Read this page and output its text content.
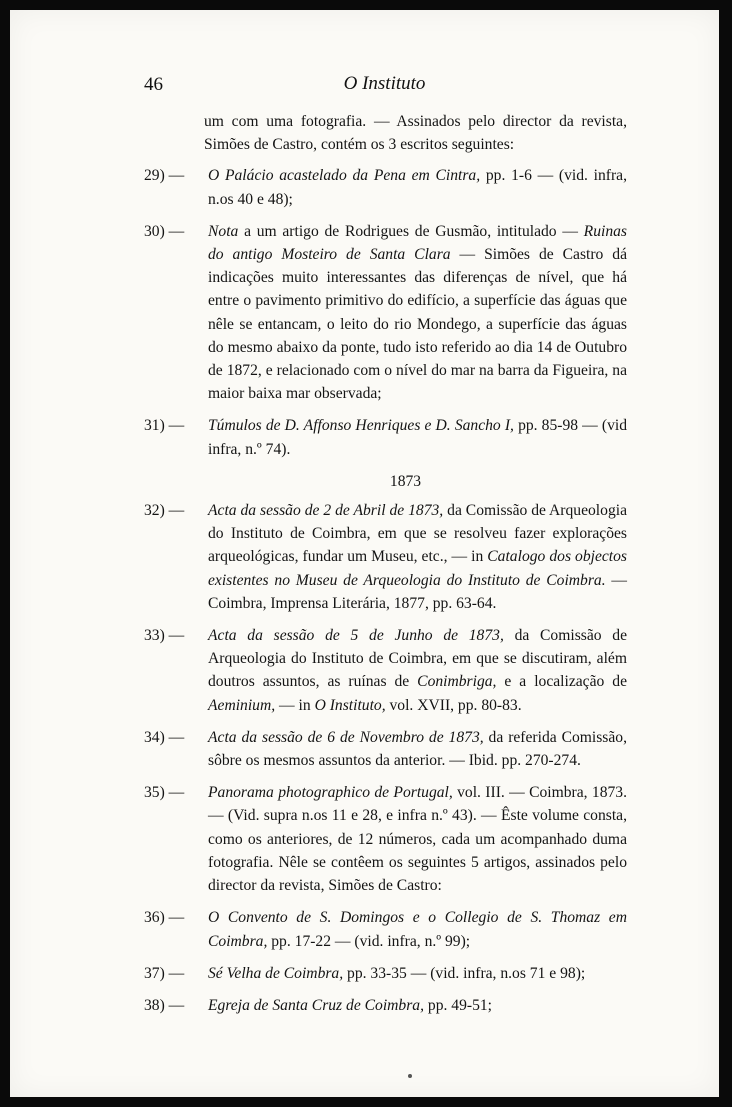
46	O Instituto

um com uma fotografia. — Assinados pelo director da revista, Simões de Castro, contém os 3 escritos seguintes:

29) —	O Palácio acastelado da Pena em Cintra, pp. 1-6 — (vid. infra, n.os 40 e 48);
30) —	Nota a um artigo de Rodrigues de Gusmão, intitulado — Ruinas do antigo Mosteiro de Santa Clara — Simões de Castro dá indicações muito interessantes das diferenças de nível, que há entre o pavimento primitivo do edifício, a superfície das águas que nêle se entancam, o leito do rio Mondego, a superfície das águas do mesmo abaixo da ponte, tudo isto referido ao dia 14 de Outubro de 1872, e relacionado com o nível do mar na barra da Figueira, na maior baixa mar observada;
31) —	Túmulos de D. Affonso Henriques e D. Sancho I, pp. 85-98 — (vid infra, n.º 74).
1873
32) —	Acta da sessão de 2 de Abril de 1873, da Comissão de Arqueologia do Instituto de Coimbra, em que se resolveu fazer explorações arqueológicas, fundar um Museu, etc., — in Catalogo dos objectos existentes no Museu de Arqueologia do Instituto de Coimbra. — Coimbra, Imprensa Literária, 1877, pp. 63-64.
33) —	Acta da sessão de 5 de Junho de 1873, da Comissão de Arqueologia do Instituto de Coimbra, em que se discutiram, além doutros assuntos, as ruínas de Conimbriga, e a localização de Aeminium, — in O Instituto, vol. XVII, pp. 80-83.
34) —	Acta da sessão de 6 de Novembro de 1873, da referida Comissão, sôbre os mesmos assuntos da anterior. — Ibid. pp. 270-274.
35) —	Panorama photographico de Portugal, vol. III. — Coimbra, 1873. — (Vid. supra n.os 11 e 28, e infra n.º 43). — Êste volume consta, como os anteriores, de 12 números, cada um acompanhado duma fotografia. Nêle se contêem os seguintes 5 artigos, assinados pelo director da revista, Simões de Castro:
36) —	O Convento de S. Domingos e o Collegio de S. Thomaz em Coimbra, pp. 17-22 — (vid. infra, n.º 99);
37) —	Sé Velha de Coimbra, pp. 33-35 — (vid. infra, n.os 71 e 98);
38) —	Egreja de Santa Cruz de Coimbra, pp. 49-51;
